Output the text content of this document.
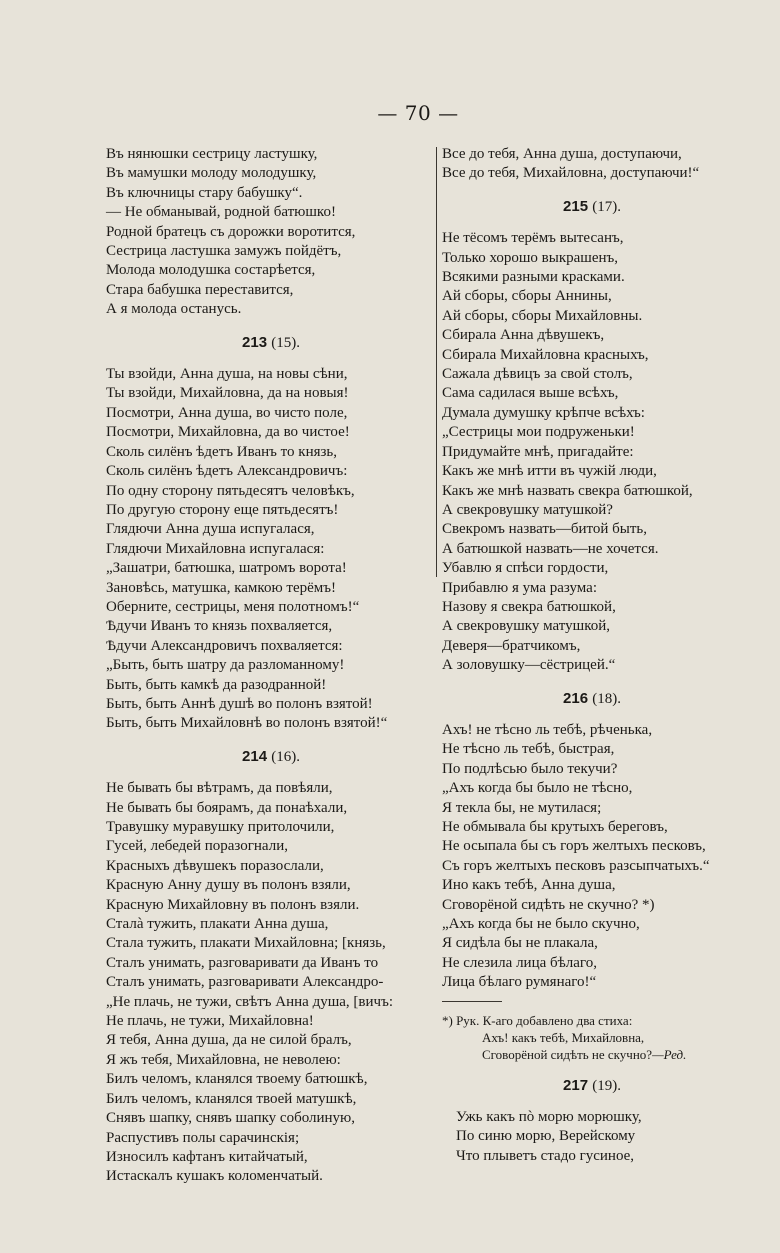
— 70 —
Въ нянюшки сестрицу ластушку,
Въ мамушки молоду молодушку,
Въ ключницы стару бабушку“.
— Не обманывай, родной батюшко!
Родной братецъ съ дорожки воротится,
Сестрица ластушка замужъ пойдётъ,
Молода молодушка состарѣется,
Стара бабушка переставится,
А я молода останусь.
213 (15).
Ты взойди, Анна душа, на новы сѣни,
Ты взойди, Михайловна, да на новыя!
Посмотри, Анна душа, во чисто поле,
Посмотри, Михайловна, да во чистое!
Сколь силёнъ ѣдетъ Иванъ то князь,
Сколь силёнъ ѣдетъ Александровичъ:
По одну сторону пятьдесятъ человѣкъ,
По другую сторону еще пятьдесятъ!
Глядючи Анна душа испугалася,
Глядючи Михайловна испугалася:
„Зашатри, батюшка, шатромъ ворота!
Зановѣсь, матушка, камкою терёмъ!
Оберните, сестрицы, меня полотномъ!“
Ѣдучи Иванъ то князь похваляется,
Ѣдучи Александровичъ похваляется:
„Быть, быть шатру да разломанному!
Быть, быть камкѣ да разодранной!
Быть, быть Аннѣ душѣ во полонъ взятой!
Быть, быть Михайловнѣ во полонъ взятой!“
214 (16).
Не бывать бы вѣтрамъ, да повѣяли,
Не бывать бы боярамъ, да понаѣхали,
Травушку муравушку притолочили,
Гусей, лебедей поразогнали,
Красныхъ дѣвушекъ поразослали,
Красную Анну душу въ полонъ взяли,
Красную Михайловну въ полонъ взяли.
Сталà тужить, плакати Анна душа,
Стала тужить, плакати Михайловна; [князь,
Сталъ унимать, разговаривати да Иванъ то
Сталъ унимать, разговаривати Александро-
„Не плачь, не тужи, свѣтъ Анна душа, [вичъ:
Не плачь, не тужи, Михайловна!
Я тебя, Анна душа, да не силой бралъ,
Я жъ тебя, Михайловна, не неволею:
Билъ челомъ, кланялся твоему батюшкѣ,
Билъ челомъ, кланялся твоей матушкѣ,
Снявъ шапку, снявъ шапку соболиную,
Распустивъ полы сарачинскія;
Износилъ кафтанъ китайчатый,
Истаскалъ кушакъ коломенчатый.
Все до тебя, Анна душа, доступаючи,
Все до тебя, Михайловна, доступаючи!“
215 (17).
Не тёсомъ терёмъ вытесанъ,
Только хорошо выкрашенъ,
Всякими разными красками.
Ай сборы, сборы Аннины,
Ай сборы, сборы Михайловны.
Сбирала Анна дѣвушекъ,
Сбирала Михайловна красныхъ,
Сажала дѣвицъ за свой столъ,
Сама садилася выше всѣхъ,
Думала думушку крѣпче всѣхъ:
„Сестрицы мои подруженьки!
Придумайте мнѣ, пригадайте:
Какъ же мнѣ итти въ чужій люди,
Какъ же мнѣ назвать свекра батюшкой,
А свекровушку матушкой?
Свекромъ назвать—битой быть,
А батюшкой назвать—не хочется.
Убавлю я спѣси гордости,
Прибавлю я ума разума:
Назову я свекра батюшкой,
А свекровушку матушкой,
Деверя—братчикомъ,
А золовушку—сёстрицей.“
216 (18).
Ахъ! не тѣсно ль тебѣ, рѣченька,
Не тѣсно ль тебѣ, быстрая,
По подлѣсью было текучи?
„Ахъ когда бы было не тѣсно,
Я текла бы, не мутилася;
Не обмывала бы крутыхъ береговъ,
Не осыпала бы съ горъ желтыхъ песковъ,
Съ горъ желтыхъ песковъ разсыпчатыхъ.“
Ино какъ тебѣ, Анна душа,
Сговорёной сидѣть не скучно? *)
„Ахъ когда бы не было скучно,
Я сидѣла бы не плакала,
Не слезила лица бѣлаго,
Лица бѣлаго румянаго!“
*) Рук. К-аго добавлено два стиха:
Ахъ! какъ тебѣ, Михайловна,
Сговорёной сидѣть не скучно?—Ред.
217 (19).
Ужь какъ пò морю морюшку,
По синю морю, Верейскому
Что плыветъ стадо гусиное,
